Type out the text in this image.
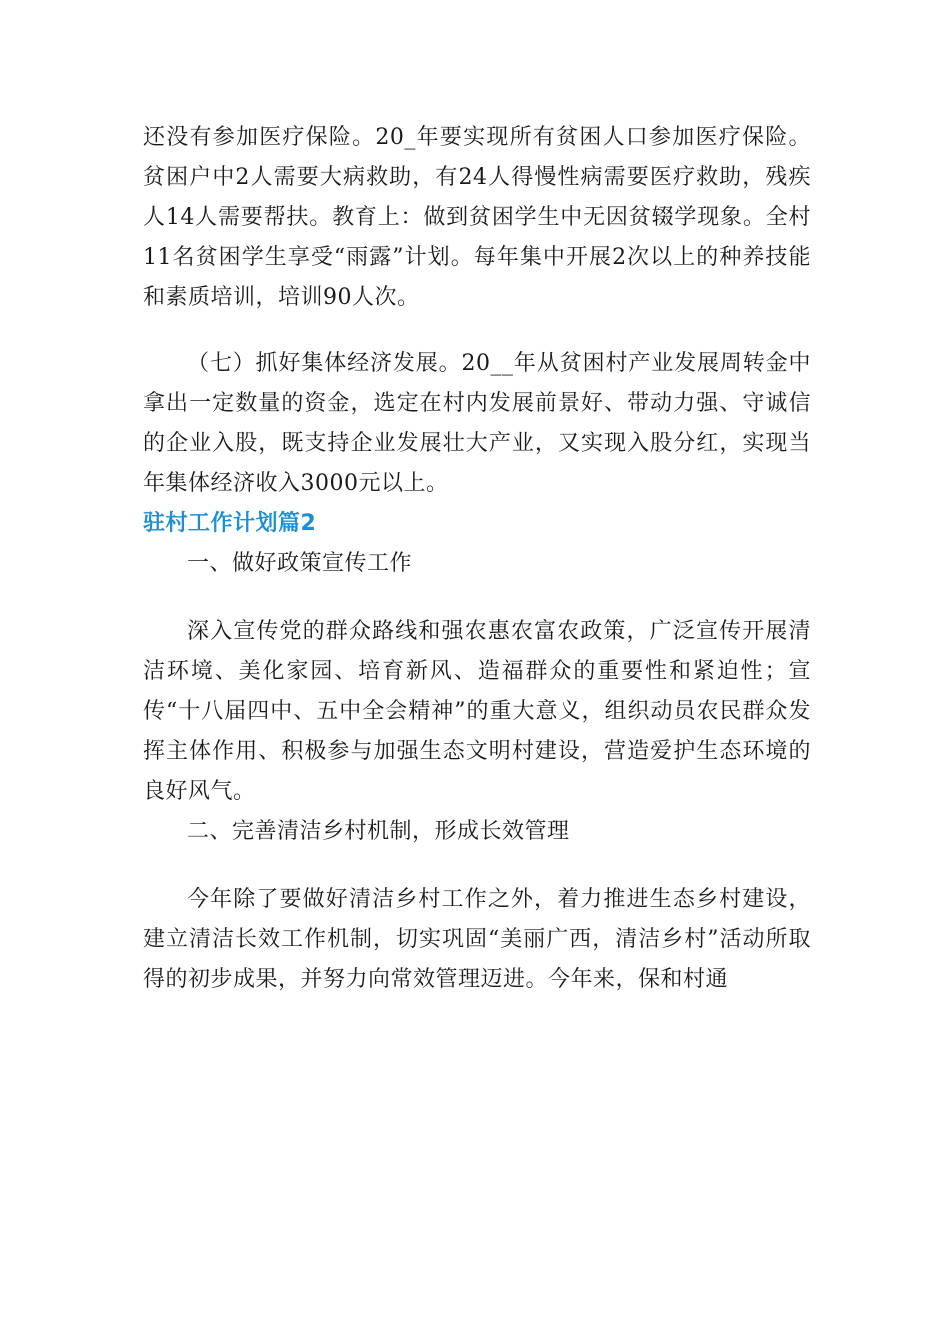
还没有参加医疗保险。20_年要实现所有贫困人口参加医疗保险。贫困户中2人需要大病救助，有24人得慢性病需要医疗救助，残疾人14人需要帮扶。教育上：做到贫困学生中无因贫辍学现象。全村11名贫困学生享受“雨露”计划。每年集中开展2次以上的种养技能和素质培训，培训90人次。

（七）抓好集体经济发展。20__年从贫困村产业发展周转金中拿出一定数量的资金，选定在村内发展前景好、带动力强、守诚信的企业入股，既支持企业发展壮大产业，又实现入股分红，实现当年集体经济收入3000元以上。

驻村工作计划篇2

一、做好政策宣传工作

深入宣传党的群众路线和强农惠农富农政策，广泛宣传开展清洁环境、美化家园、培育新风、造福群众的重要性和紧迫性；宣传“十八届四中、五中全会精神”的重大意义，组织动员农民群众发挥主体作用、积极参与加强生态文明村建设，营造爱护生态环境的良好风气。

二、完善清洁乡村机制，形成长效管理

今年除了要做好清洁乡村工作之外，着力推进生态乡村建设，建立清洁长效工作机制，切实巩固“美丽广西，清洁乡村”活动所取得的初步成果，并努力向常效管理迈进。今年来，保和村通
